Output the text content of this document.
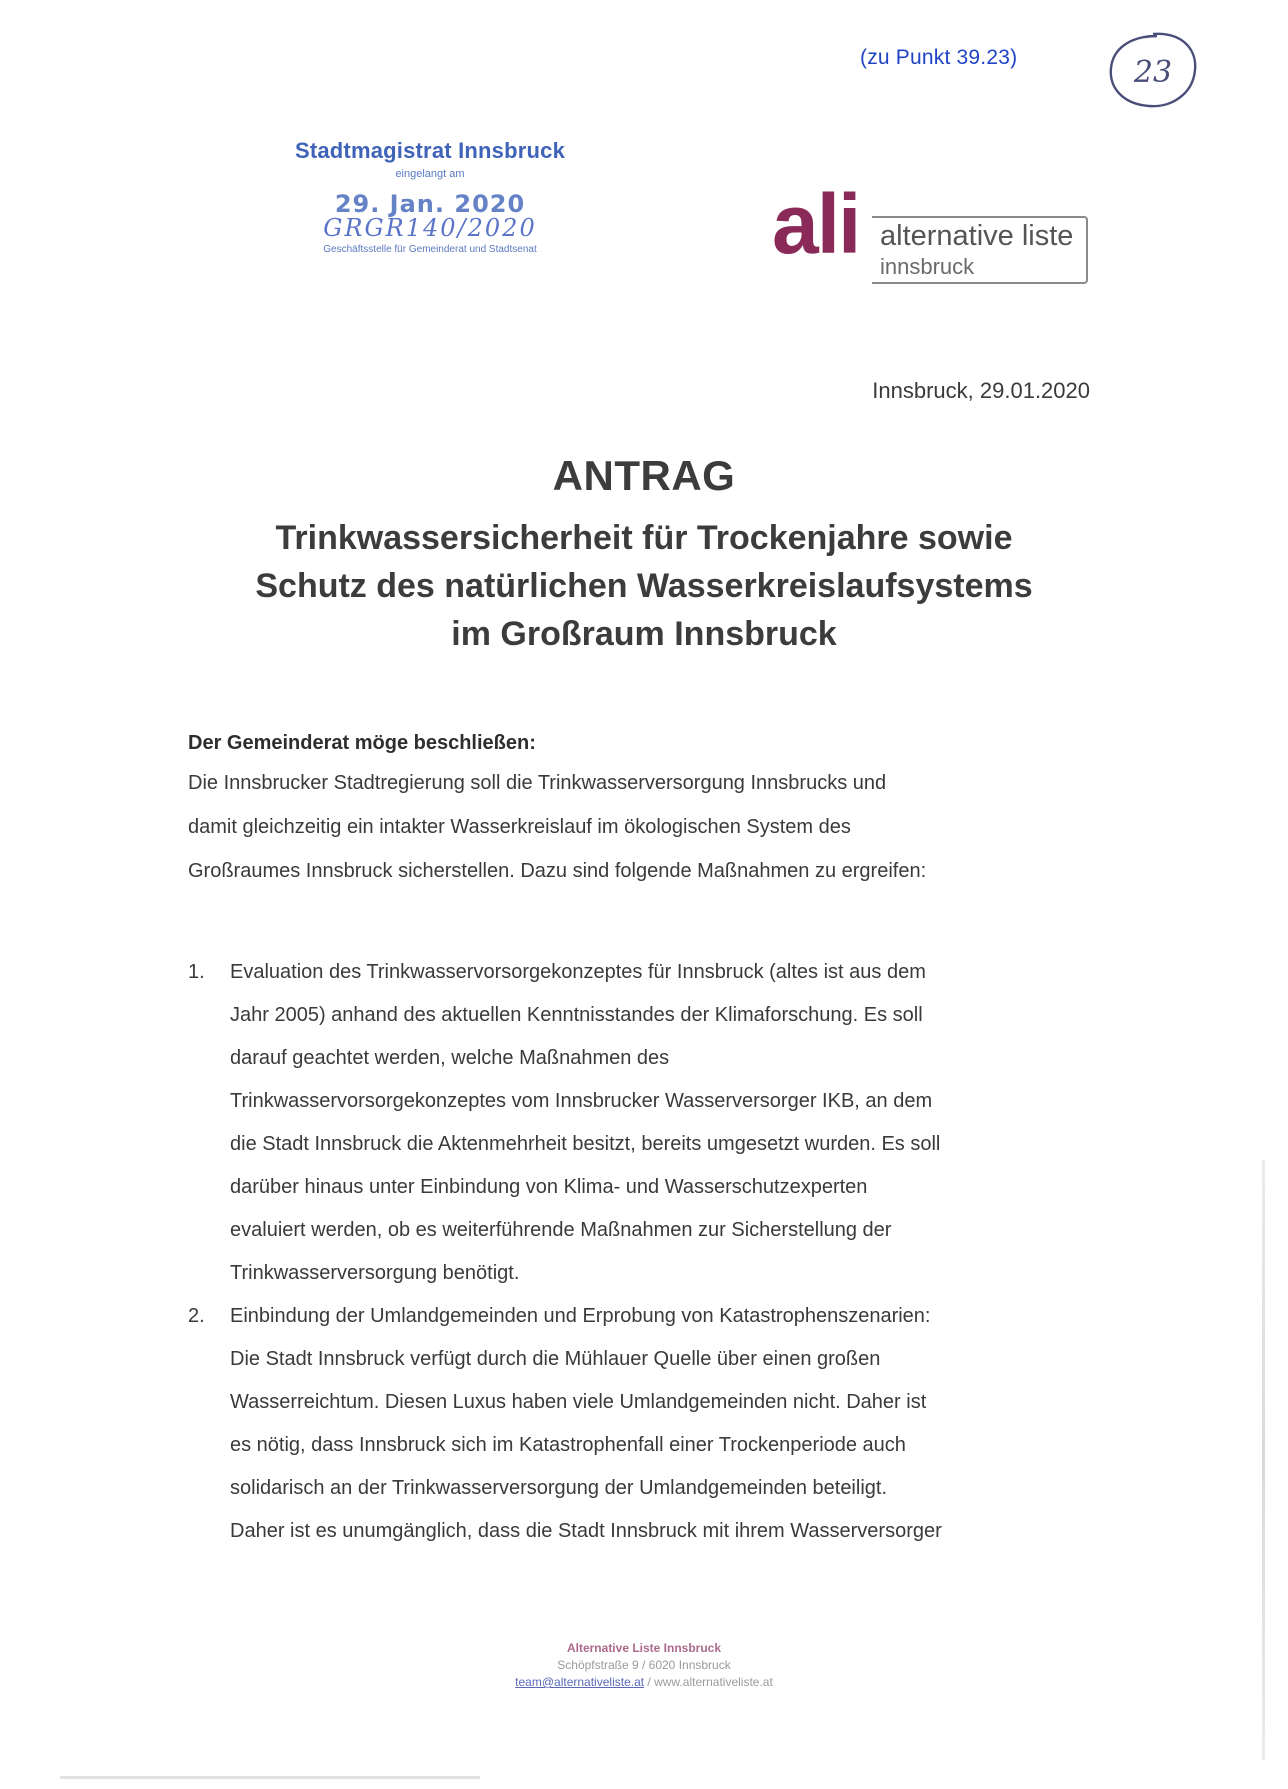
(zu Punkt 39.23)	23
Stadtmagistrat Innsbruck
eingelangt am
29. Jan. 2020
GRGR140/2020
Geschäftsstelle für Gemeinderat und Stadtsenat	ali alternative liste
innsbruck
Innsbruck, 29.01.2020
ANTRAG
Trinkwassersicherheit für Trockenjahre sowie
Schutz des natürlichen Wasserkreislaufsystems
im Großraum Innsbruck
Der Gemeinderat möge beschließen:
Die Innsbrucker Stadtregierung soll die Trinkwasserversorgung Innsbrucks und
damit gleichzeitig ein intakter Wasserkreislauf im ökologischen System des
Großraumes Innsbruck sicherstellen. Dazu sind folgende Maßnahmen zu ergreifen:
1. Evaluation des Trinkwasservorsorgekonzeptes für Innsbruck (altes ist aus dem
Jahr 2005) anhand des aktuellen Kenntnisstandes der Klimaforschung. Es soll
darauf geachtet werden, welche Maßnahmen des
Trinkwasservorsorgekonzeptes vom Innsbrucker Wasserversorger IKB, an dem
die Stadt Innsbruck die Aktenmehrheit besitzt, bereits umgesetzt wurden. Es soll
darüber hinaus unter Einbindung von Klima- und Wasserschutzexperten
evaluiert werden, ob es weiterführende Maßnahmen zur Sicherstellung der
Trinkwasserversorgung benötigt.
2. Einbindung der Umlandgemeinden und Erprobung von Katastrophenszenarien:
Die Stadt Innsbruck verfügt durch die Mühlauer Quelle über einen großen
Wasserreichtum. Diesen Luxus haben viele Umlandgemeinden nicht. Daher ist
es nötig, dass Innsbruck sich im Katastrophenfall einer Trockenperiode auch
solidarisch an der Trinkwasserversorgung der Umlandgemeinden beteiligt.
Daher ist es unumgänglich, dass die Stadt Innsbruck mit ihrem Wasserversorger
Alternative Liste Innsbruck
Schöpfstraße 9 / 6020 Innsbruck
team@alternativeliste.at / www.alternativeliste.at
